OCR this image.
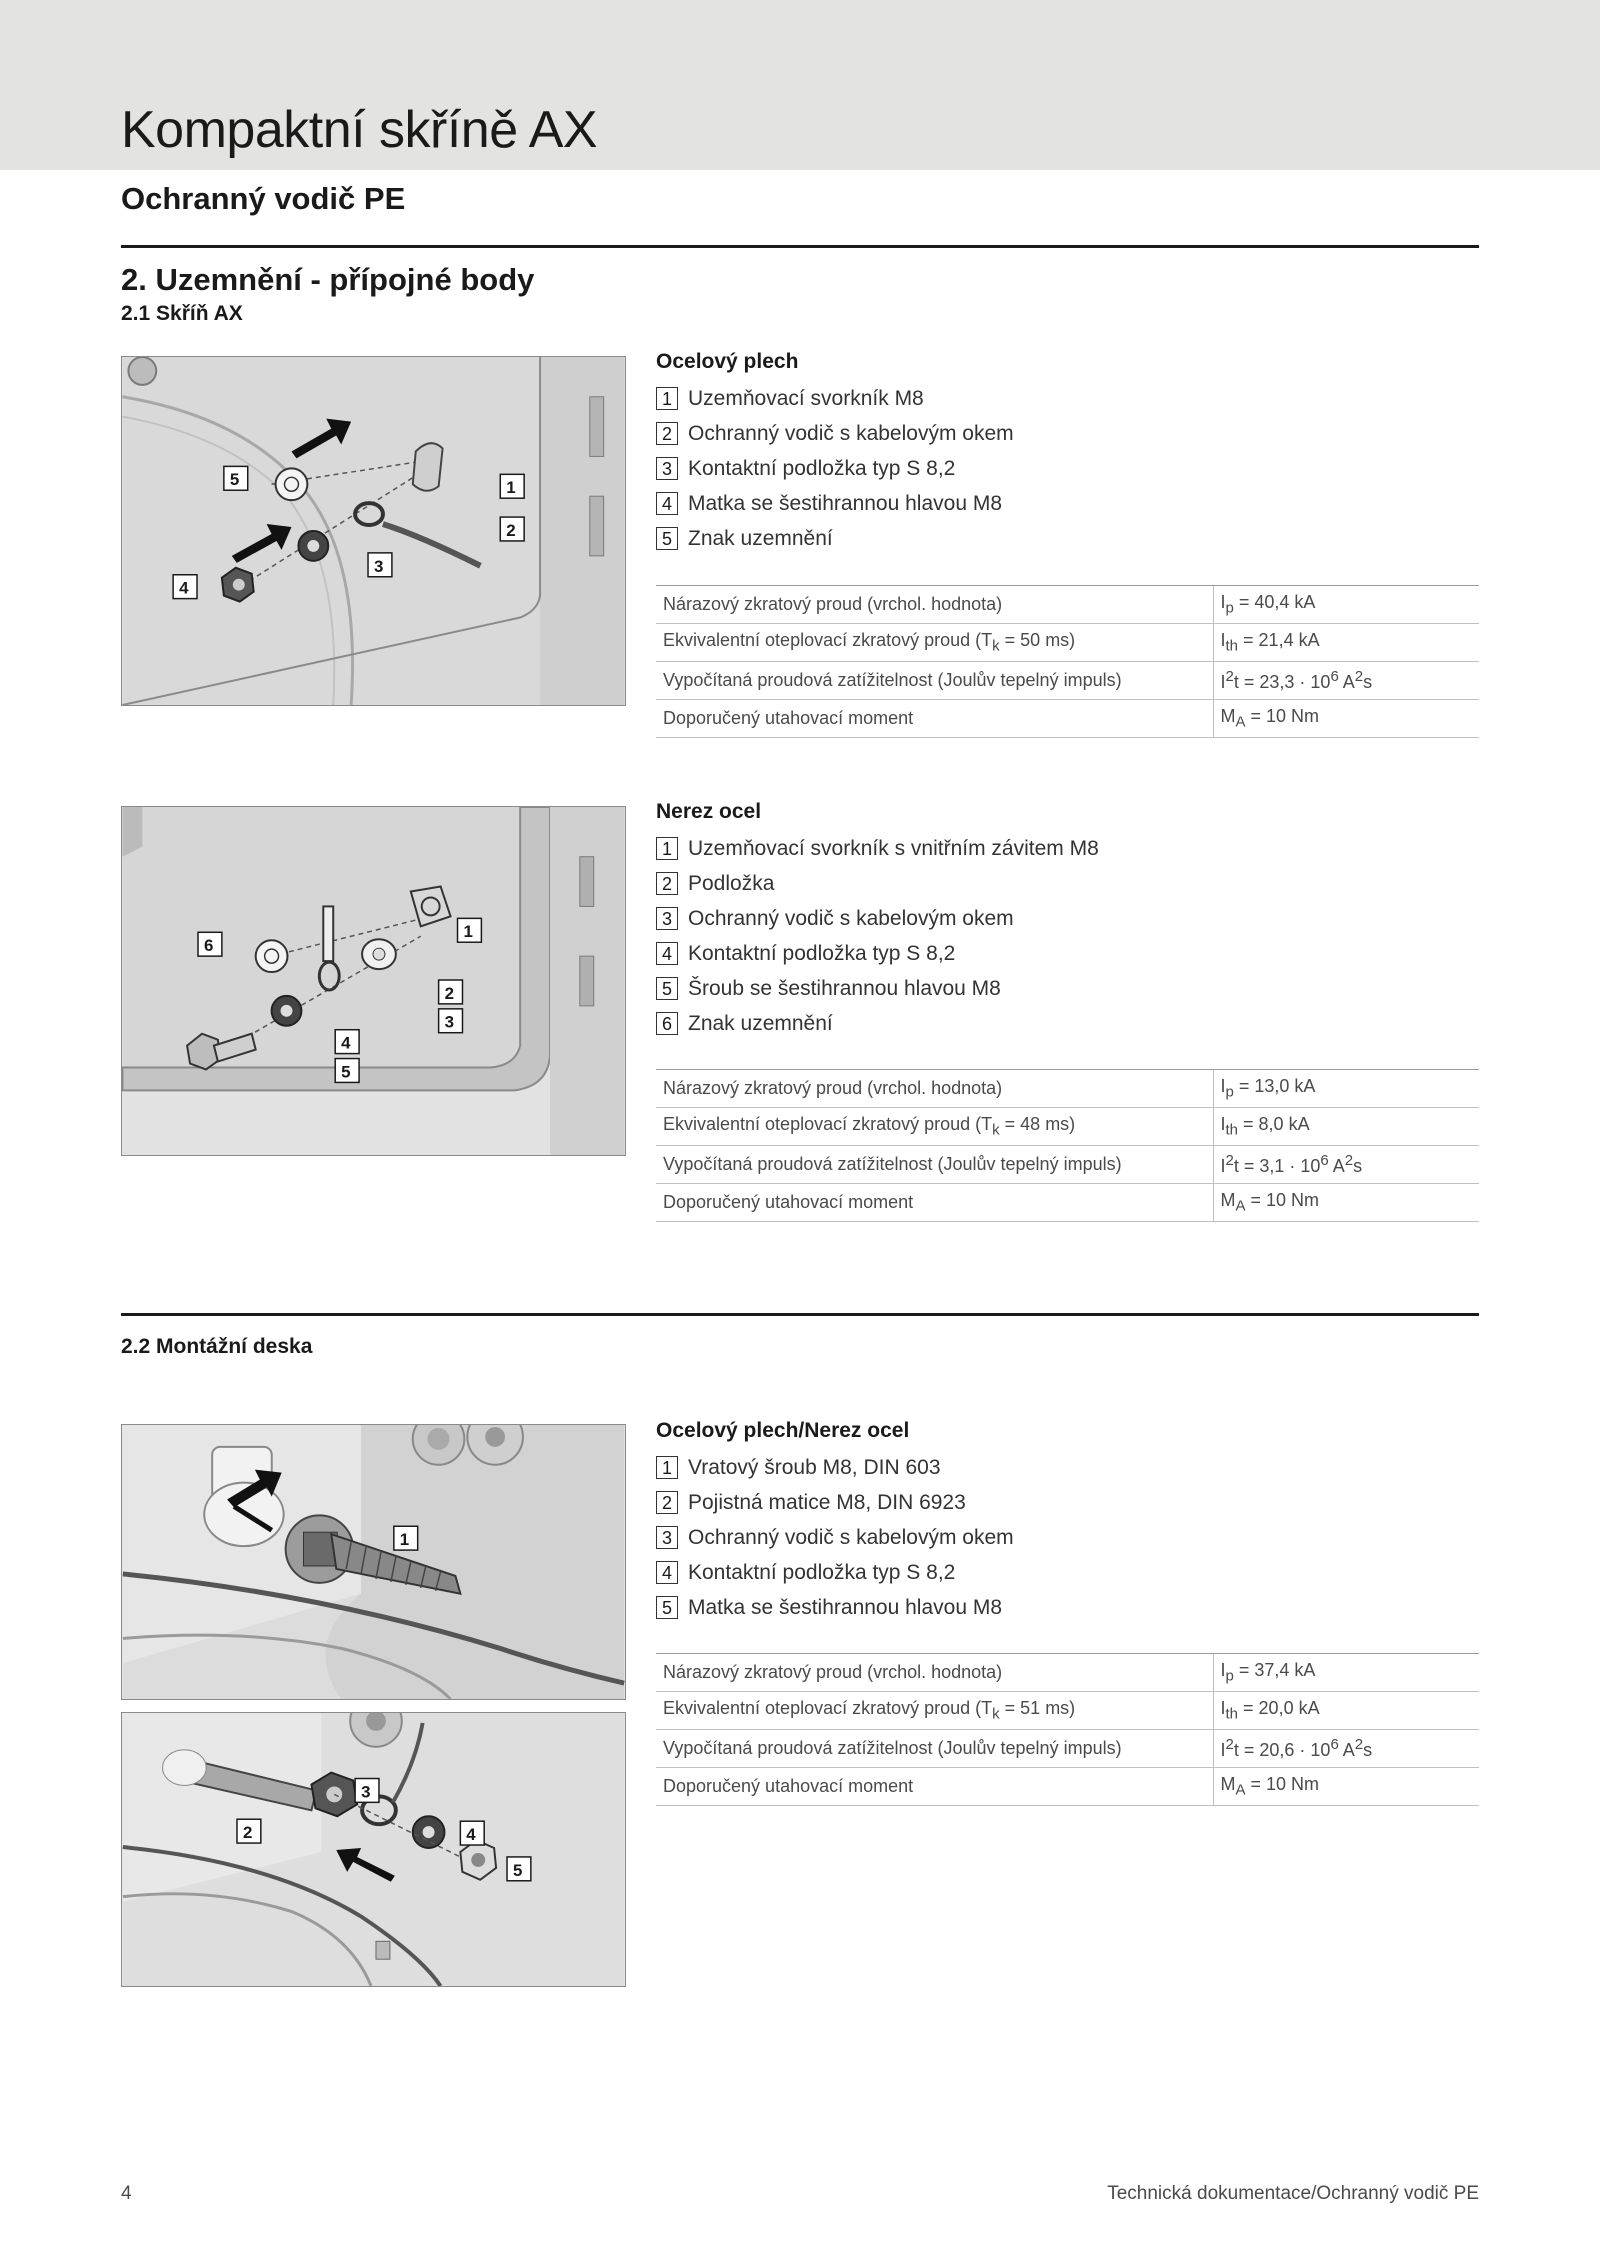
Kompaktní skříně AX
Ochranný vodič PE
2. Uzemnění - přípojné body
2.1 Skříň AX
1
2
3
4
5
Ocelový plech
1 Uzemňovací svorkník M8
2 Ochranný vodič s kabelovým okem
3 Kontaktní podložka typ S 8,2
4 Matka se šestihrannou hlavou M8
5 Znak uzemnění
Nárazový zkratový proud (vrchol. hodnota)	$I_p = 40,4$ kA
Ekvivalentní oteplovací zkratový proud ($T_k = 50$ ms)	$I_{th} = 21,4$ kA
Vypočítaná proudová zatížitelnost (Joulův tepelný impuls)	$I^2t = 23,3 \cdot 10^6$ $A^2s$
Doporučený utahovací moment	$M_A = 10$ Nm
1
2
3
4
5
6
Nerez ocel
1 Uzemňovací svorkník s vnitřním závitem M8
2 Podložka
3 Ochranný vodič s kabelovým okem
4 Kontaktní podložka typ S 8,2
5 Šroub se šestihrannou hlavou M8
6 Znak uzemnění
Nárazový zkratový proud (vrchol. hodnota)	$I_p = 13,0$ kA
Ekvivalentní oteplovací zkratový proud ($T_k = 48$ ms)	$I_{th} = 8,0$ kA
Vypočítaná proudová zatížitelnost (Joulův tepelný impuls)	$I^2t = 3,1 \cdot 10^6$ $A^2s$
Doporučený utahovací moment	$M_A = 10$ Nm
2.2 Montážní deska
1
2
3
4
5
Ocelový plech/Nerez ocel
1 Vratový šroub M8, DIN 603
2 Pojistná matice M8, DIN 6923
3 Ochranný vodič s kabelovým okem
4 Kontaktní podložka typ S 8,2
5 Matka se šestihrannou hlavou M8
Nárazový zkratový proud (vrchol. hodnota)	$I_p = 37,4$ kA
Ekvivalentní oteplovací zkratový proud ($T_k = 51$ ms)	$I_{th} = 20,0$ kA
Vypočítaná proudová zatížitelnost (Joulův tepelný impuls)	$I^2t = 20,6 \cdot 10^6$ $A^2s$
Doporučený utahovací moment	$M_A = 10$ Nm
4	Technická dokumentace/Ochranný vodič PE
